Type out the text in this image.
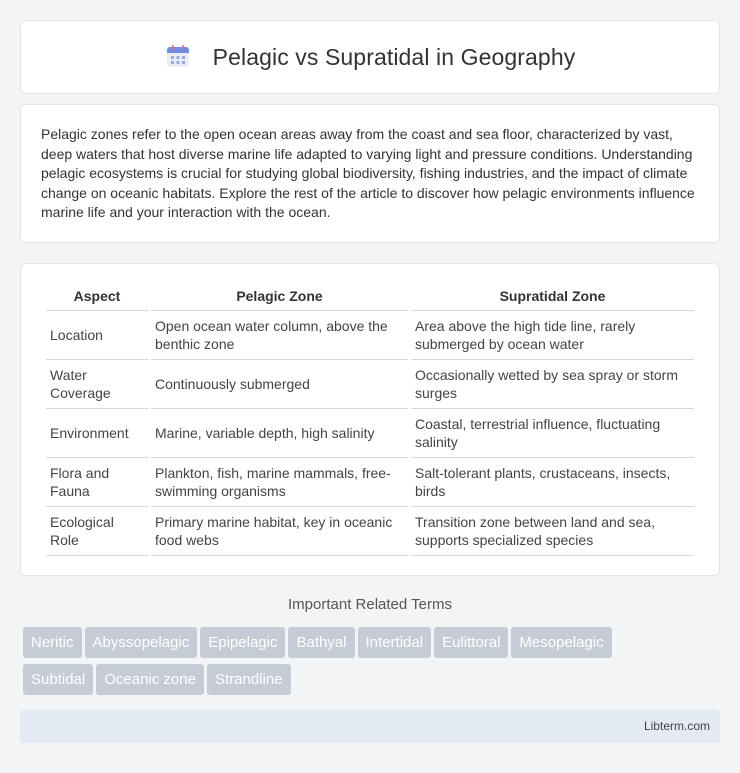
Pelagic vs Supratidal in Geography

Pelagic zones refer to the open ocean areas away from the coast and sea floor, characterized by vast, deep waters that host diverse marine life adapted to varying light and pressure conditions. Understanding pelagic ecosystems is crucial for studying global biodiversity, fishing industries, and the impact of climate change on oceanic habitats. Explore the rest of the article to discover how pelagic environments influence marine life and your interaction with the ocean.

Aspect	Pelagic Zone	Supratidal Zone
Location	Open ocean water column, above the benthic zone	Area above the high tide line, rarely submerged by ocean water
Water Coverage	Continuously submerged	Occasionally wetted by sea spray or storm surges
Environment	Marine, variable depth, high salinity	Coastal, terrestrial influence, fluctuating salinity
Flora and Fauna	Plankton, fish, marine mammals, free-swimming organisms	Salt-tolerant plants, crustaceans, insects, birds
Ecological Role	Primary marine habitat, key in oceanic food webs	Transition zone between land and sea, supports specialized species
Important Related Terms
Neritic Abyssopelagic Epipelagic Bathyal Intertidal Eulittoral Mesopelagic
Subtidal Oceanic zone Strandline
Libterm.com
